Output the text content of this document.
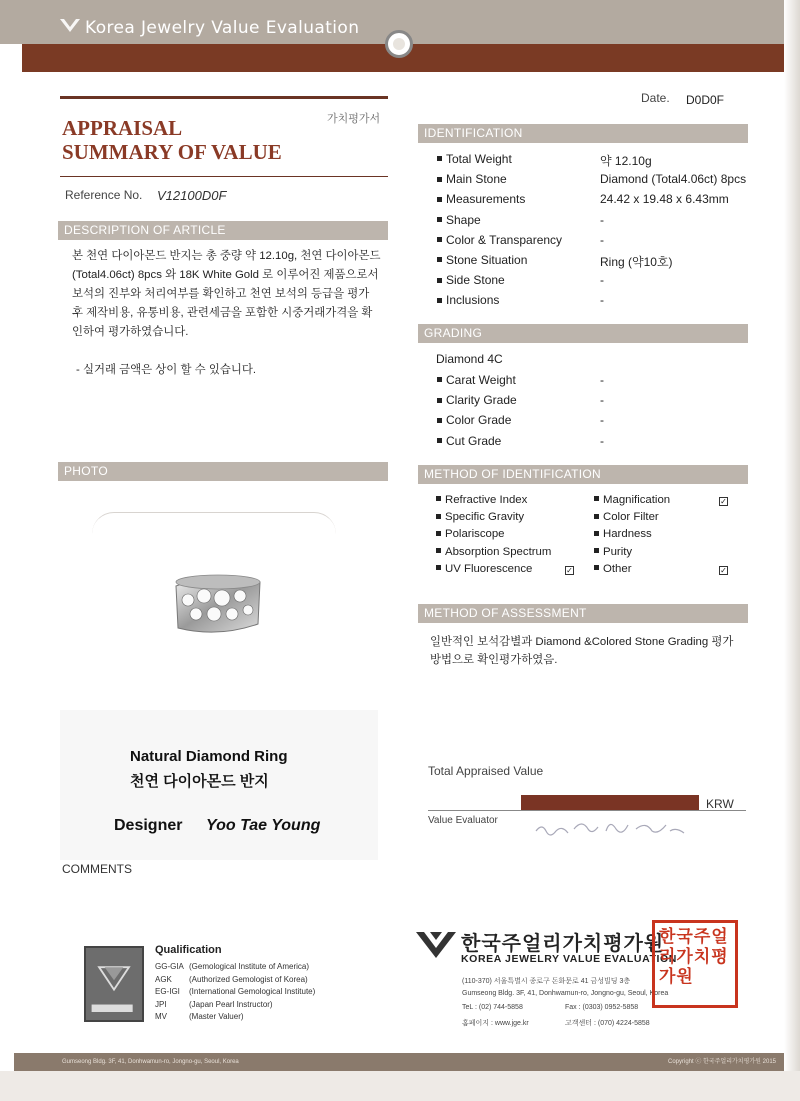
Korea Jewelry Value Evaluation
APPRAISAL
SUMMARY OF VALUE
가치평가서
Reference No. V12100D0F
Date. D0D0F
DESCRIPTION OF ARTICLE
본 천연 다이아몬드 반지는 총 중량 약 12.10g, 천연 다이아몬드(Total4.06ct) 8pcs 와 18K White Gold 로 이루어진 제품으로서 보석의 진부와 처리여부를 확인하고 천연 보석의 등급을 평가 후 제작비용, 유통비용, 관련세금을 포함한 시중거래가격을 확인하여 평가하였습니다.
- 실거래 금액은 상이 할 수 있습니다.
IDENTIFICATION
Total Weight	약 12.10g
Main Stone	Diamond (Total4.06ct) 8pcs
Measurements	24.42 x 19.48 x 6.43mm
Shape	-
Color & Transparency	-
Stone Situation	Ring (약10호)
Side Stone	-
Inclusions	-
GRADING
Diamond 4C
Carat Weight	-
Clarity Grade	-
Color Grade	-
Cut Grade	-
METHOD OF IDENTIFICATION
Refractive Index
Specific Gravity
Polariscope
Absorption Spectrum
UV Fluorescence	✓
Magnification	✓
Color Filter
Hardness
Purity
Other	✓
METHOD OF ASSESSMENT
일반적인 보석감별과 Diamond &Colored Stone Grading 평가방법으로 확인평가하였음.
PHOTO
Natural Diamond Ring
천연 다이아몬드 반지
Designer Yoo Tae Young
Total Appraised Value
KRW
Value Evaluator
COMMENTS
Qualification
GG-GIA (Gemological Institute of America)
AGK (Authorized Gemologist of Korea)
EG-IGI (International Gemological Institute)
JPI	(Japan Pearl Instructor)
MV	(Master Valuer)
한국주얼리가치평가원
KOREA JEWELRY VALUE EVALUATION
(110-370) 서울특별시 종로구 돈화문로 41 금성빌딩 3층
Gumseong Bldg. 3F, 41, Donhwamun-ro, Jongno-gu, Seoul, Korea
TeL : (02) 744-5858	Fax : (0303) 0952-5858
홈페이지 : www.jge.kr	고객센터 : (070) 4224-5858
한국주얼
리가치평
가원
Gumseong Bldg. 3F, 41, Donhwamun-ro, Jongno-gu, Seoul, Korea	Copyright ⓒ 한국주얼리가치평가원 2015
